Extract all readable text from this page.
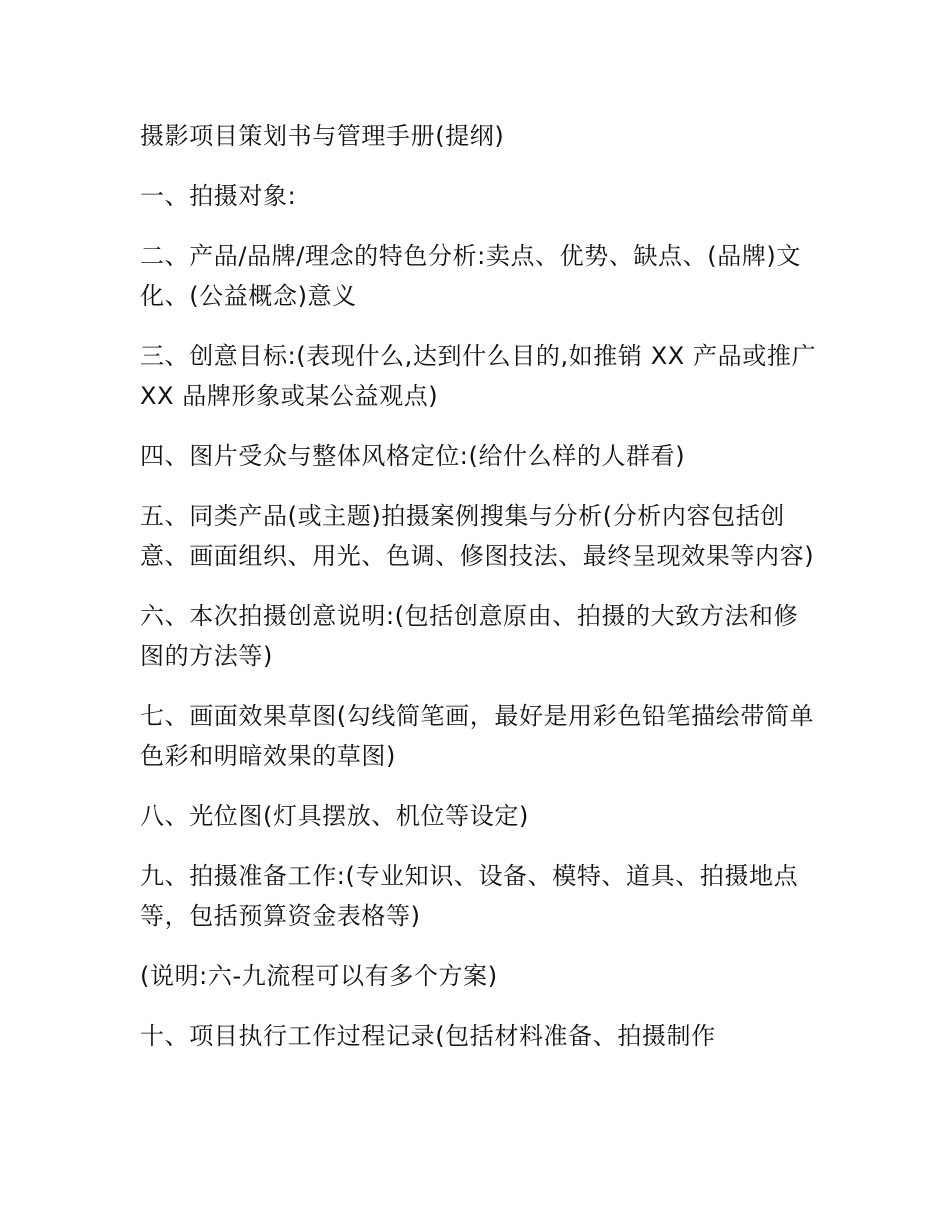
摄影项目策划书与管理手册(提纲)

一、拍摄对象:

二、产品/品牌/理念的特色分析:卖点、优势、缺点、(品牌)文化、(公益概念)意义

三、创意目标:(表现什么,达到什么目的,如推销 XX 产品或推广 XX 品牌形象或某公益观点)

四、图片受众与整体风格定位:(给什么样的人群看)

五、同类产品(或主题)拍摄案例搜集与分析(分析内容包括创意、画面组织、用光、色调、修图技法、最终呈现效果等内容)

六、本次拍摄创意说明:(包括创意原由、拍摄的大致方法和修图的方法等)

七、画面效果草图(勾线简笔画，最好是用彩色铅笔描绘带简单色彩和明暗效果的草图)

八、光位图(灯具摆放、机位等设定)

九、拍摄准备工作:(专业知识、设备、模特、道具、拍摄地点等，包括预算资金表格等)

(说明:六-九流程可以有多个方案)

十、项目执行工作过程记录(包括材料准备、拍摄制作
